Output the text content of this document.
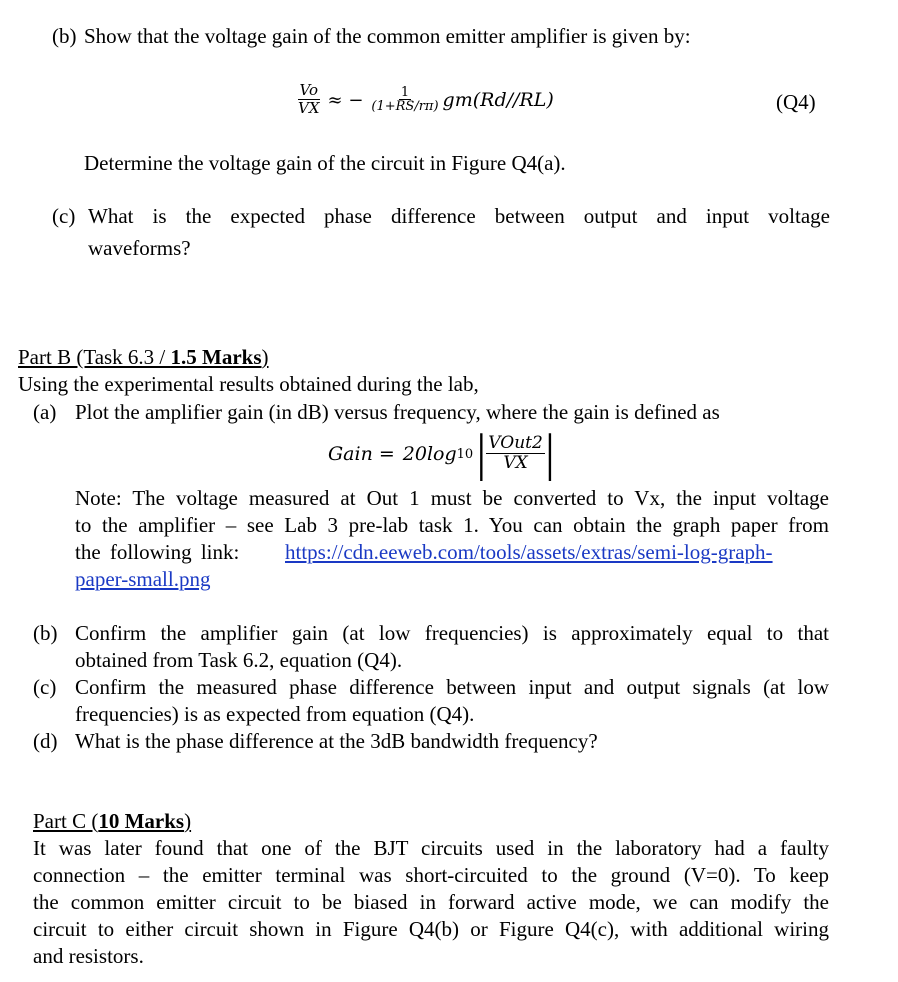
(b) Show that the voltage gain of the common emitter amplifier is given by:
$\frac{Vo}{VX}$ ≈ − $\frac{1}{(1+RS/r\pi)} gm(Rd//RL)$	(Q4)
Determine the voltage gain of the circuit in Figure Q4(a).
(c) What is the expected phase difference between output and input voltage
waveforms?
Part B (Task 6.3 / 1.5 Marks)
Using the experimental results obtained during the lab,
(a) Plot the amplifier gain (in dB) versus frequency, where the gain is defined as
Gain = 20log 10 | $\frac{\text{VOut2}}{VX}$ |
Note: The voltage measured at Out 1 must be converted to Vx, the input voltage
to the amplifier – see Lab 3 pre-lab task 1. You can obtain the graph paper from
the following link: https://cdn.eeweb.com/tools/assets/extras/semi-log-graph-
paper-small.png
(b) Confirm the amplifier gain (at low frequencies) is approximately equal to that
obtained from Task 6.2, equation (Q4).
(c) Confirm the measured phase difference between input and output signals (at low
frequencies) is as expected from equation (Q4).
(d) What is the phase difference at the 3dB bandwidth frequency?
Part C (10 Marks)
It was later found that one of the BJT circuits used in the laboratory had a faulty
connection – the emitter terminal was short-circuited to the ground (V=0). To keep
the common emitter circuit to be biased in forward active mode, we can modify the
circuit to either circuit shown in Figure Q4(b) or Figure Q4(c), with additional wiring
and resistors.
